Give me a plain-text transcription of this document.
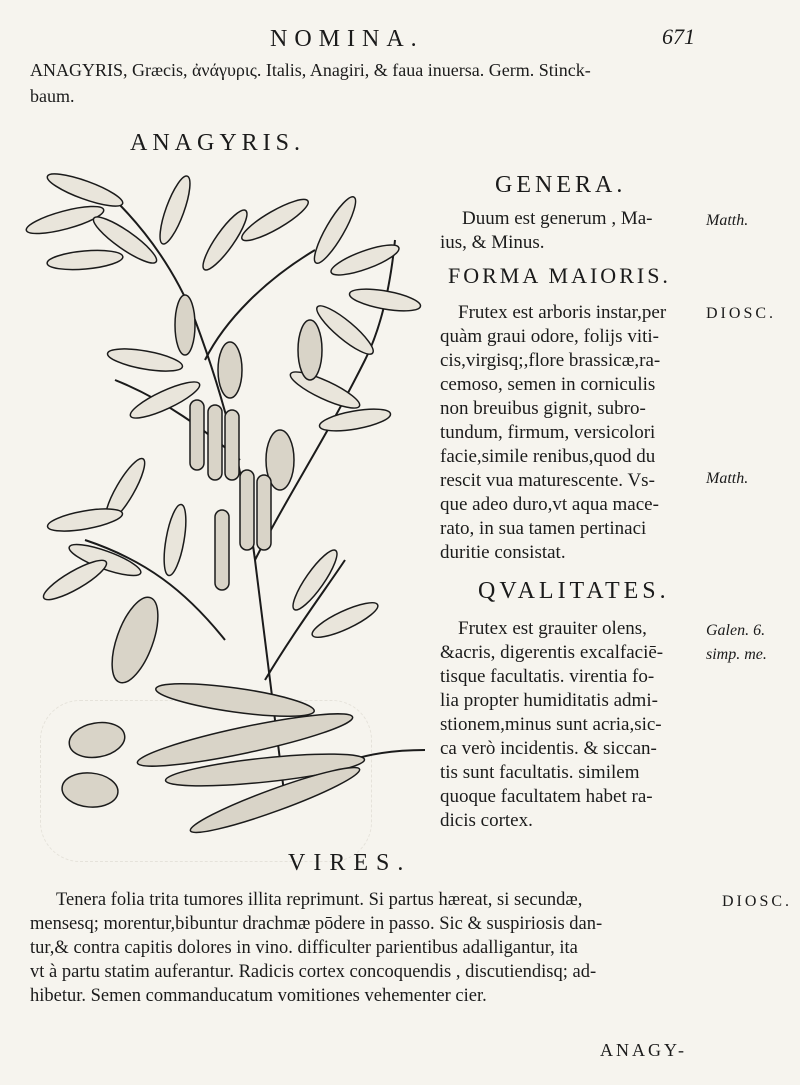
NOMINA.	671
ANAGYRIS, Græcis, ἀνάγυρις. Italis, Anagiri, & faua inuersa. Germ. Stinck-
baum.
ANAGYRIS.
GENERA.
Duum est generum , Ma-
ius, & Minus.
Matth.
FORMA MAIORIS.
DIOSC.
Matth.
Frutex est arboris instar,per
quàm graui odore, folijs viti-
cis,virgisq;,flore brassicæ,ra-
cemoso, semen in corniculis
non breuibus gignit, subro-
tundum, firmum, versicolori
facie,simile renibus,quod du
rescit vua maturescente. Vs-
que adeo duro,vt aqua mace-
rato, in sua tamen pertinaci
duritie consistat.
QVALITATES.
Galen. 6.
simp. me.
Frutex est grauiter olens,
&acris, digerentis excalfaciē-
tisque facultatis. virentia fo-
lia propter humiditatis admi-
stionem,minus sunt acria,sic-
ca verò incidentis. & siccan-
tis sunt facultatis. similem
quoque facultatem habet ra-
dicis cortex.
VIRES.
DIOSC.
Tenera folia trita tumores illita reprimunt. Si partus hæreat, si secundæ,
mensesq; morentur,bibuntur drachmæ pōdere in passo. Sic & suspiriosis dan-
tur,& contra capitis dolores in vino. difficulter parientibus adalligantur, ita
vt à partu statim auferantur. Radicis cortex concoquendis , discutiendisq; ad-
hibetur. Semen commanducatum vomitiones vehementer cier.
ANAGY-
